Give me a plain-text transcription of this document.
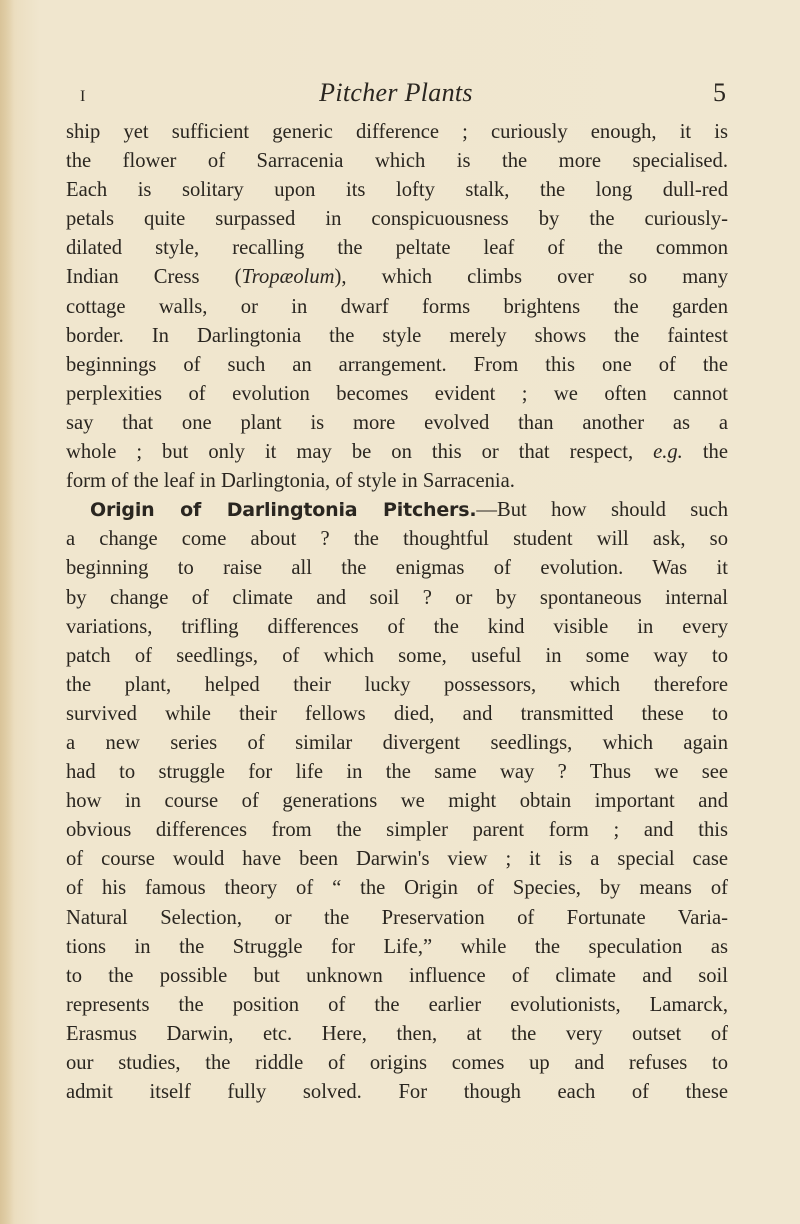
I	Pitcher Plants	5
ship yet sufficient generic difference ; curiously enough, it is
the flower of Sarracenia which is the more specialised.
Each is solitary upon its lofty stalk, the long dull-red
petals quite surpassed in conspicuousness by the curiously-
dilated style, recalling the peltate leaf of the common
Indian Cress (Tropæolum), which climbs over so many
cottage walls, or in dwarf forms brightens the garden
border. In Darlingtonia the style merely shows the faintest
beginnings of such an arrangement. From this one of the
perplexities of evolution becomes evident ; we often cannot
say that one plant is more evolved than another as a
whole ; but only it may be on this or that respect, e.g. the
form of the leaf in Darlingtonia, of style in Sarracenia.
Origin of Darlingtonia Pitchers.—But how should such
a change come about ? the thoughtful student will ask, so
beginning to raise all the enigmas of evolution. Was it
by change of climate and soil ? or by spontaneous internal
variations, trifling differences of the kind visible in every
patch of seedlings, of which some, useful in some way to
the plant, helped their lucky possessors, which therefore
survived while their fellows died, and transmitted these to
a new series of similar divergent seedlings, which again
had to struggle for life in the same way ? Thus we see
how in course of generations we might obtain important and
obvious differences from the simpler parent form ; and this
of course would have been Darwin's view ; it is a special case
of his famous theory of “ the Origin of Species, by means of
Natural Selection, or the Preservation of Fortunate Varia-
tions in the Struggle for Life,” while the speculation as
to the possible but unknown influence of climate and soil
represents the position of the earlier evolutionists, Lamarck,
Erasmus Darwin, etc. Here, then, at the very outset of
our studies, the riddle of origins comes up and refuses to
admit itself fully solved. For though each of these
